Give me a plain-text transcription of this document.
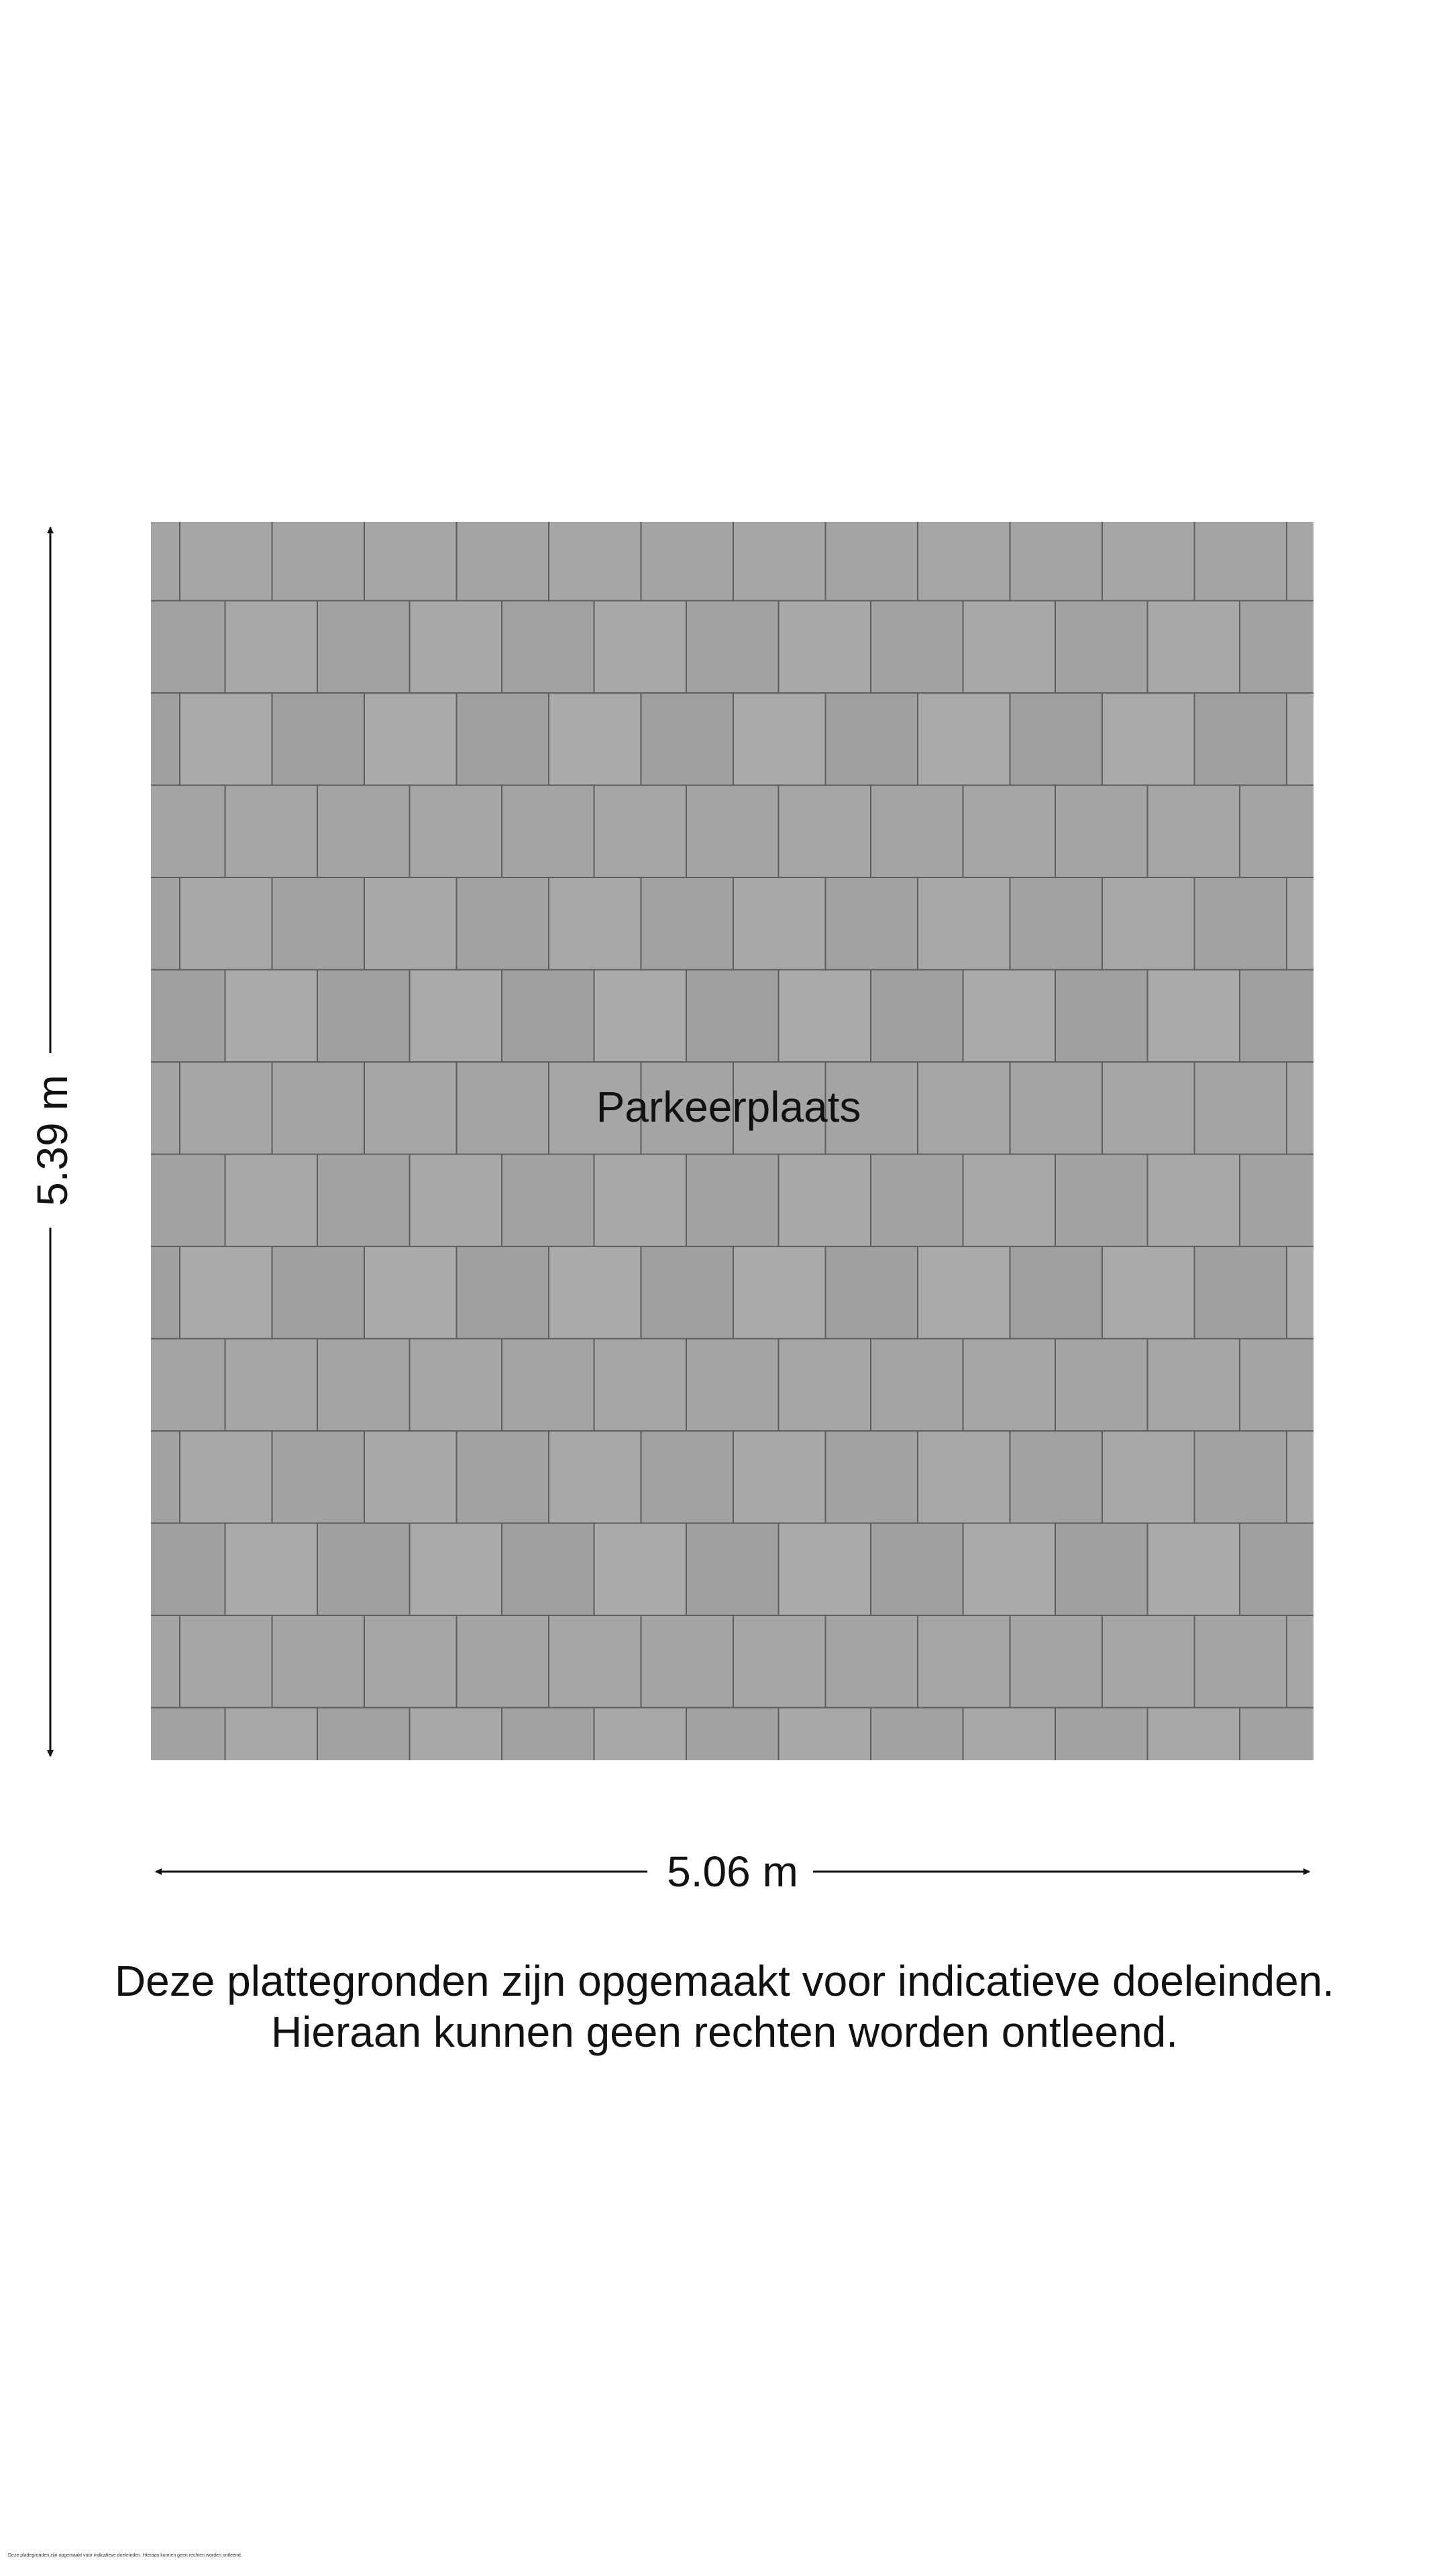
Parkeerplaats
5.39 m
5.06 m
Deze plattegronden zijn opgemaakt voor indicatieve doeleinden.
Hieraan kunnen geen rechten worden ontleend.
Deze plattegronden zijn opgemaakt voor indicatieve doeleinden. Hieraan kunnen geen rechten worden ontleend.
